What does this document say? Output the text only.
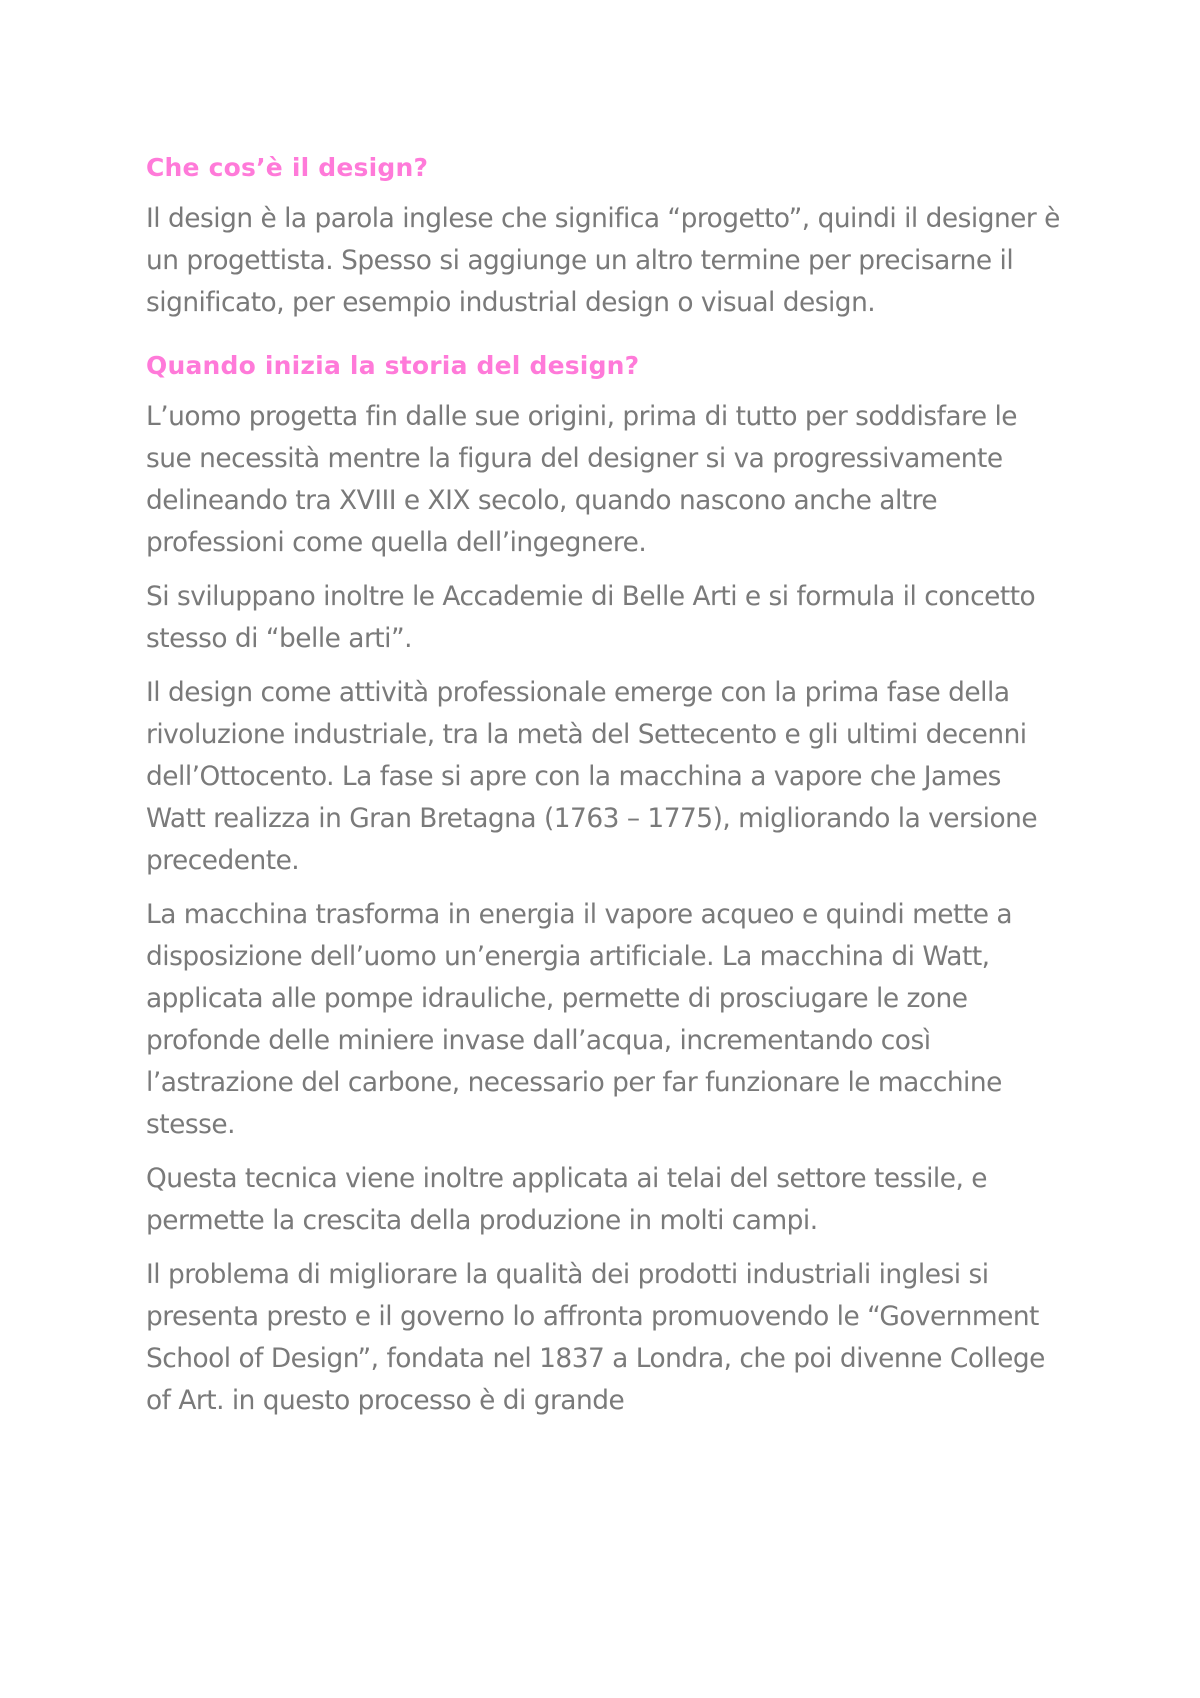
Che cos’è il design?

Il design è la parola inglese che significa “progetto”, quindi il designer è un progettista. Spesso si aggiunge un altro termine per precisarne il significato, per esempio industrial design o visual design.

Quando inizia la storia del design?

L’uomo progetta fin dalle sue origini, prima di tutto per soddisfare le sue necessità mentre la figura del designer si va progressivamente delineando tra XVIII e XIX secolo, quando nascono anche altre professioni come quella dell’ingegnere.

Si sviluppano inoltre le Accademie di Belle Arti e si formula il concetto stesso di “belle arti”.

Il design come attività professionale emerge con la prima fase della rivoluzione industriale, tra la metà del Settecento e gli ultimi decenni dell’Ottocento. La fase si apre con la macchina a vapore che James Watt realizza in Gran Bretagna (1763 – 1775), migliorando la versione precedente.

La macchina trasforma in energia il vapore acqueo e quindi mette a disposizione dell’uomo un’energia artificiale. La macchina di Watt, applicata alle pompe idrauliche, permette di prosciugare le zone profonde delle miniere invase dall’acqua, incrementando così l’astrazione del carbone, necessario per far funzionare le macchine stesse.

Questa tecnica viene inoltre applicata ai telai del settore tessile, e permette la crescita della produzione in molti campi.

Il problema di migliorare la qualità dei prodotti industriali inglesi si presenta presto e il governo lo affronta promuovendo le “Government School of Design”, fondata nel 1837 a Londra, che poi divenne College of Art. in questo processo è di grande
